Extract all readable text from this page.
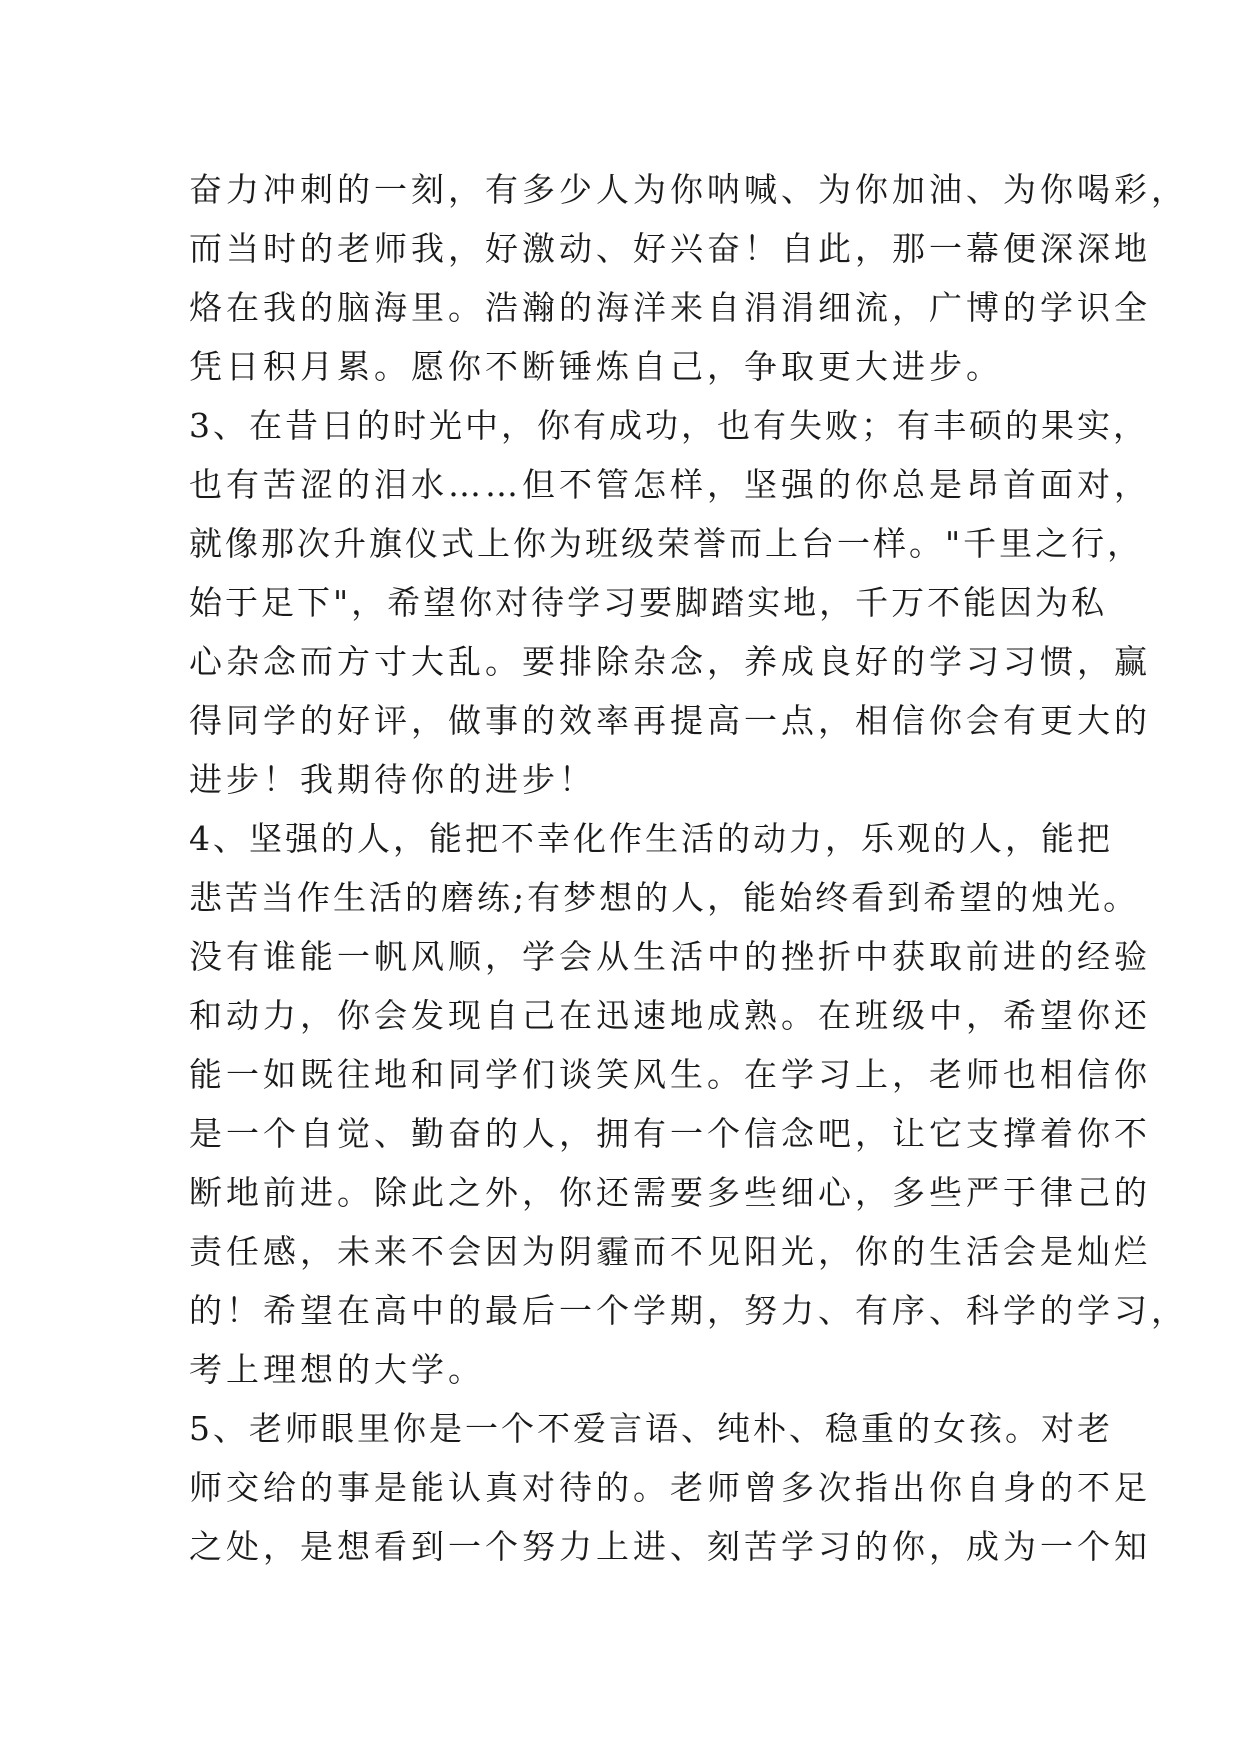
奋力冲刺的一刻，有多少人为你呐喊、为你加油、为你喝彩，
而当时的老师我，好激动、好兴奋！自此，那一幕便深深地
烙在我的脑海里。浩瀚的海洋来自涓涓细流，广博的学识全
凭日积月累。愿你不断锤炼自己，争取更大进步。
3、在昔日的时光中，你有成功，也有失败；有丰硕的果实，
也有苦涩的泪水……但不管怎样，坚强的你总是昂首面对，
就像那次升旗仪式上你为班级荣誉而上台一样。"千里之行，
始于足下"，希望你对待学习要脚踏实地，千万不能因为私
心杂念而方寸大乱。要排除杂念，养成良好的学习习惯，赢
得同学的好评，做事的效率再提高一点，相信你会有更大的
进步！我期待你的进步！
4、坚强的人，能把不幸化作生活的动力，乐观的人，能把
悲苦当作生活的磨练;有梦想的人，能始终看到希望的烛光。
没有谁能一帆风顺，学会从生活中的挫折中获取前进的经验
和动力，你会发现自己在迅速地成熟。在班级中，希望你还
能一如既往地和同学们谈笑风生。在学习上，老师也相信你
是一个自觉、勤奋的人，拥有一个信念吧，让它支撑着你不
断地前进。除此之外，你还需要多些细心，多些严于律己的
责任感，未来不会因为阴霾而不见阳光，你的生活会是灿烂
的！希望在高中的最后一个学期，努力、有序、科学的学习，
考上理想的大学。
5、老师眼里你是一个不爱言语、纯朴、稳重的女孩。对老
师交给的事是能认真对待的。老师曾多次指出你自身的不足
之处，是想看到一个努力上进、刻苦学习的你，成为一个知
